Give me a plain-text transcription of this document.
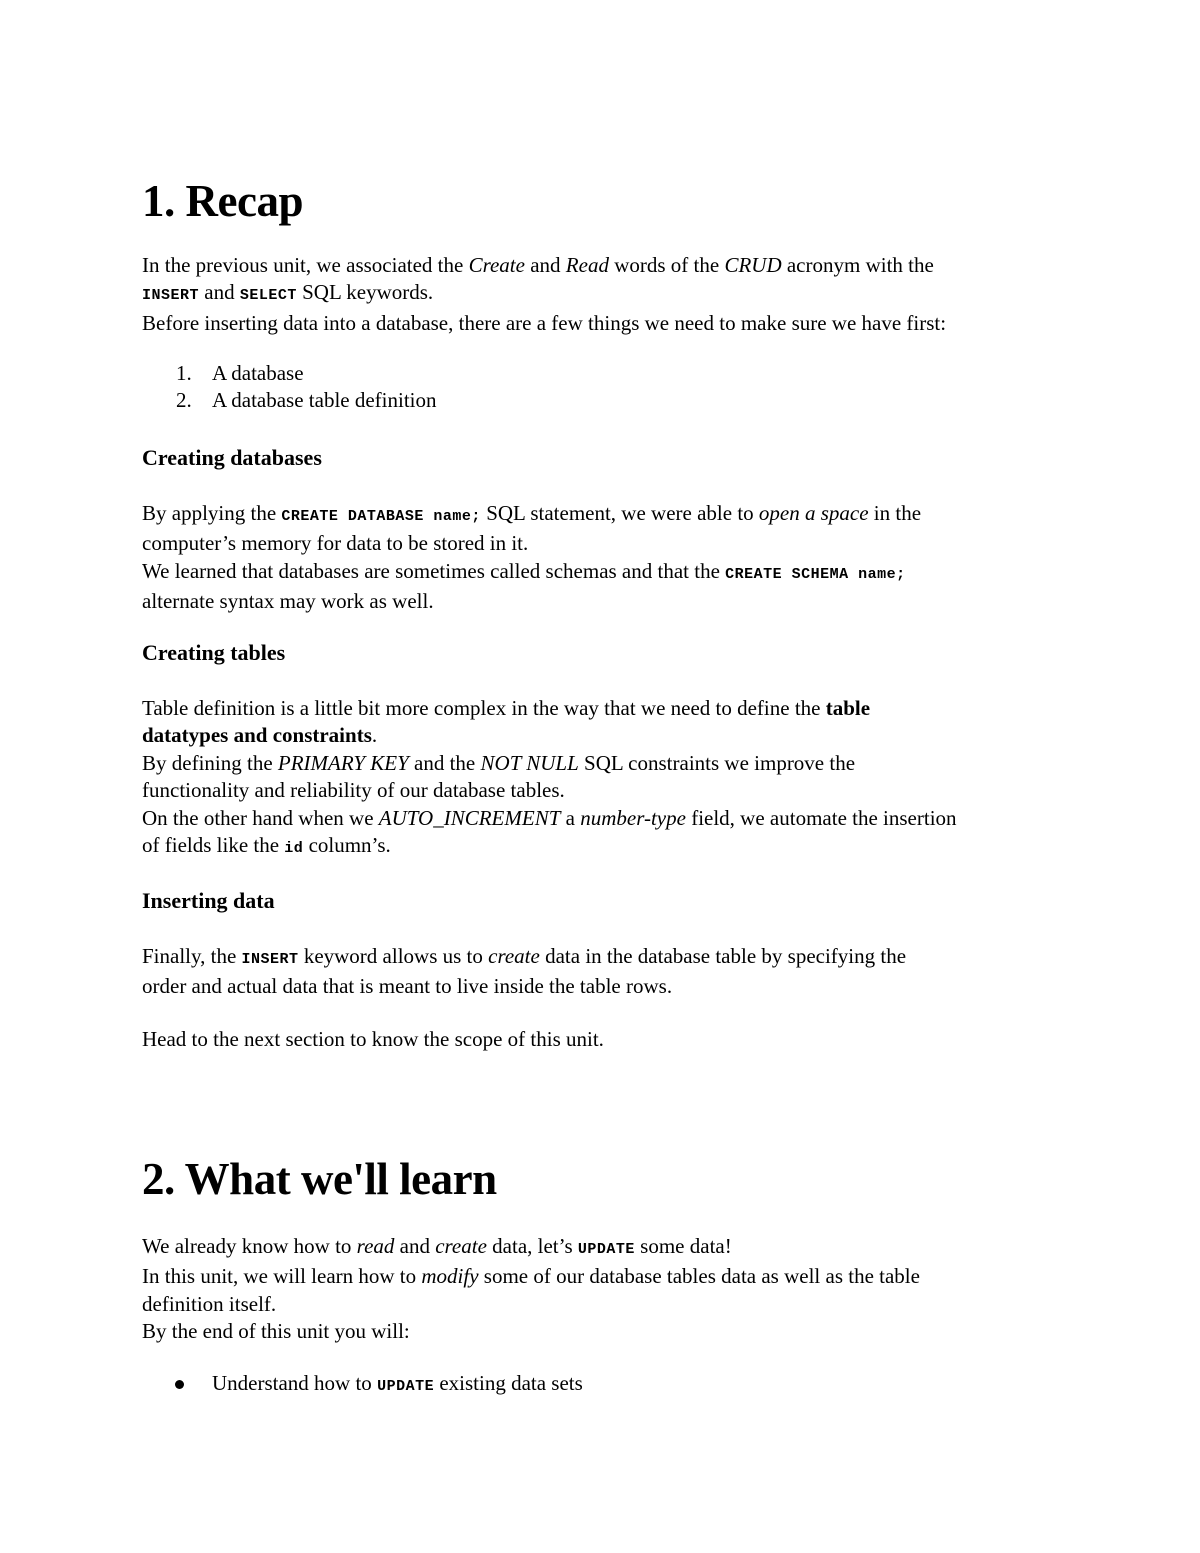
1. Recap
In the previous unit, we associated the Create and Read words of the CRUD acronym with the
INSERT and SELECT SQL keywords.
Before inserting data into a database, there are a few things we need to make sure we have first:
1. A database
2. A database table definition
Creating databases
By applying the CREATE DATABASE name; SQL statement, we were able to open a space in the
computer’s memory for data to be stored in it.
We learned that databases are sometimes called schemas and that the CREATE SCHEMA name;
alternate syntax may work as well.
Creating tables
Table definition is a little bit more complex in the way that we need to define the table
datatypes and constraints.
By defining the PRIMARY KEY and the NOT NULL SQL constraints we improve the
functionality and reliability of our database tables.
On the other hand when we AUTO_INCREMENT a number-type field, we automate the insertion
of fields like the id column’s.
Inserting data
Finally, the INSERT keyword allows us to create data in the database table by specifying the
order and actual data that is meant to live inside the table rows.
Head to the next section to know the scope of this unit.
2. What we'll learn
We already know how to read and create data, let’s UPDATE some data!
In this unit, we will learn how to modify some of our database tables data as well as the table
definition itself.
By the end of this unit you will:
Understand how to UPDATE existing data sets
